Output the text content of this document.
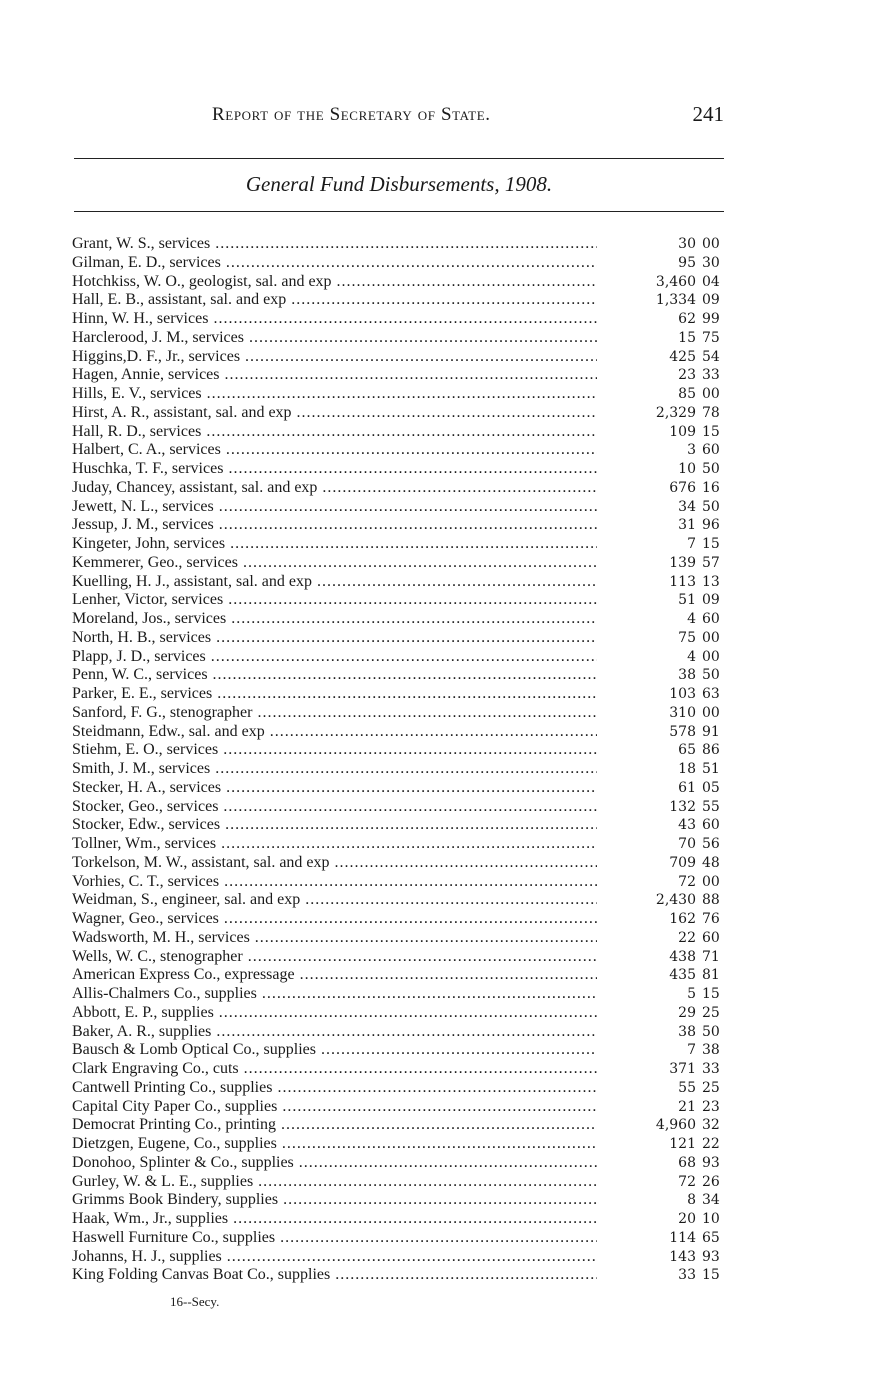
Report of the Secretary of State.	241
General Fund Disbursements, 1908.
Grant, W. S., services .....	30 00
Gilman, E. D., services .....	95 30
Hotchkiss, W. O., geologist, sal. and exp .....	3,460 04
Hall, E. B., assistant, sal. and exp .....	1,334 09
Hinn, W. H., services .....	62 99
Harclerood, J. M., services .....	15 75
Higgins,D. F., Jr., services .....	425 54
Hagen, Annie, services .....	23 33
Hills, E. V., services .....	85 00
Hirst, A. R., assistant, sal. and exp .....	2,329 78
Hall, R. D., services .....	109 15
Halbert, C. A., services .....	3 60
Huschka, T. F., services .....	10 50
Juday, Chancey, assistant, sal. and exp .....	676 16
Jewett, N. L., services .....	34 50
Jessup, J. M., services .....	31 96
Kingeter, John, services .....	7 15
Kemmerer, Geo., services .....	139 57
Kuelling, H. J., assistant, sal. and exp .....	113 13
Lenher, Victor, services .....	51 09
Moreland, Jos., services .....	4 60
North, H. B., services .....	75 00
Plapp, J. D., services .....	4 00
Penn, W. C., services .....	38 50
Parker, E. E., services .....	103 63
Sanford, F. G., stenographer .....	310 00
Steidmann, Edw., sal. and exp .....	578 91
Stiehm, E. O., services .....	65 86
Smith, J. M., services .....	18 51
Stecker, H. A., services .....	61 05
Stocker, Geo., services .....	132 55
Stocker, Edw., services .....	43 60
Tollner, Wm., services .....	70 56
Torkelson, M. W., assistant, sal. and exp .....	709 48
Vorhies, C. T., services .....	72 00
Weidman, S., engineer, sal. and exp .....	2,430 88
Wagner, Geo., services .....	162 76
Wadsworth, M. H., services .....	22 60
Wells, W. C., stenographer .....	438 71
American Express Co., expressage .....	435 81
Allis-Chalmers Co., supplies .....	5 15
Abbott, E. P., supplies .....	29 25
Baker, A. R., supplies .....	38 50
Bausch & Lomb Optical Co., supplies .....	7 38
Clark Engraving Co., cuts .....	371 33
Cantwell Printing Co., supplies .....	55 25
Capital City Paper Co., supplies .....	21 23
Democrat Printing Co., printing .....	4,960 32
Dietzgen, Eugene, Co., supplies .....	121 22
Donohoo, Splinter & Co., supplies .....	68 93
Gurley, W. & L. E., supplies .....	72 26
Grimms Book Bindery, supplies .....	8 34
Haak, Wm., Jr., supplies .....	20 10
Haswell Furniture Co., supplies .....	114 65
Johanns, H. J., supplies .....	143 93
King Folding Canvas Boat Co., supplies .....	33 15
16--Secy.
